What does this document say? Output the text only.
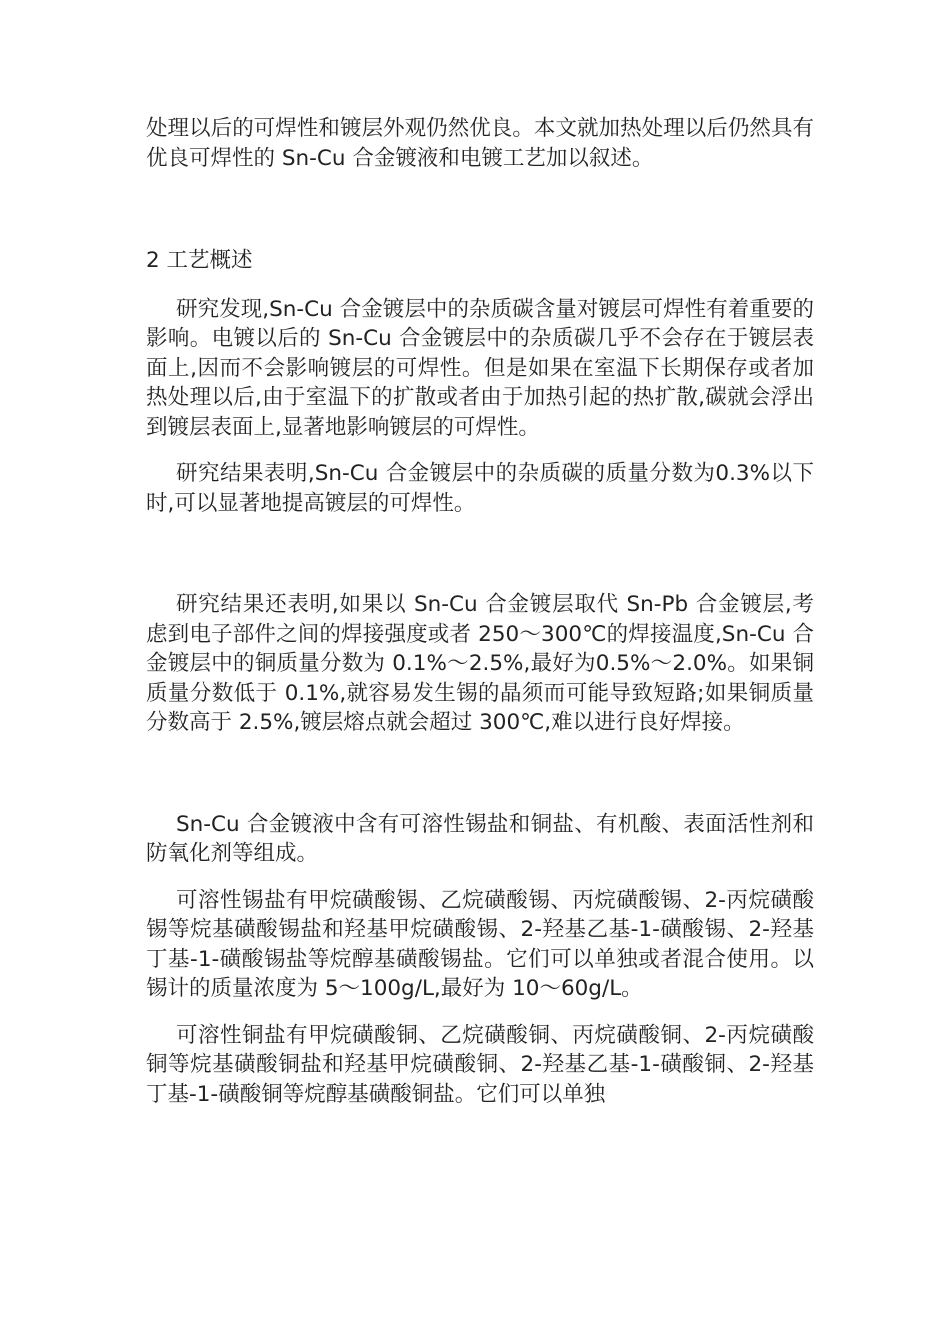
处理以后的可焊性和镀层外观仍然优良。本文就加热处理以后仍然具有优良可焊性的 Sn-Cu 合金镀液和电镀工艺加以叙述。

2 工艺概述

研究发现,Sn-Cu 合金镀层中的杂质碳含量对镀层可焊性有着重要的影响。电镀以后的 Sn-Cu 合金镀层中的杂质碳几乎不会存在于镀层表面上,因而不会影响镀层的可焊性。但是如果在室温下长期保存或者加热处理以后,由于室温下的扩散或者由于加热引起的热扩散,碳就会浮出到镀层表面上,显著地影响镀层的可焊性。

研究结果表明,Sn-Cu 合金镀层中的杂质碳的质量分数为0.3%以下时,可以显著地提高镀层的可焊性。

研究结果还表明,如果以 Sn-Cu 合金镀层取代 Sn-Pb 合金镀层,考虑到电子部件之间的焊接强度或者 250～300℃的焊接温度,Sn-Cu 合金镀层中的铜质量分数为 0.1%～2.5%,最好为0.5%～2.0%。如果铜质量分数低于 0.1%,就容易发生锡的晶须而可能导致短路;如果铜质量分数高于 2.5%,镀层熔点就会超过 300℃,难以进行良好焊接。

Sn-Cu 合金镀液中含有可溶性锡盐和铜盐、有机酸、表面活性剂和防氧化剂等组成。

可溶性锡盐有甲烷磺酸锡、乙烷磺酸锡、丙烷磺酸锡、2-丙烷磺酸锡等烷基磺酸锡盐和羟基甲烷磺酸锡、2-羟基乙基-1-磺酸锡、2-羟基丁基-1-磺酸锡盐等烷醇基磺酸锡盐。它们可以单独或者混合使用。以锡计的质量浓度为 5～100g/L,最好为 10～60g/L。

可溶性铜盐有甲烷磺酸铜、乙烷磺酸铜、丙烷磺酸铜、2-丙烷磺酸铜等烷基磺酸铜盐和羟基甲烷磺酸铜、2-羟基乙基-1-磺酸铜、2-羟基丁基-1-磺酸铜等烷醇基磺酸铜盐。它们可以单独
